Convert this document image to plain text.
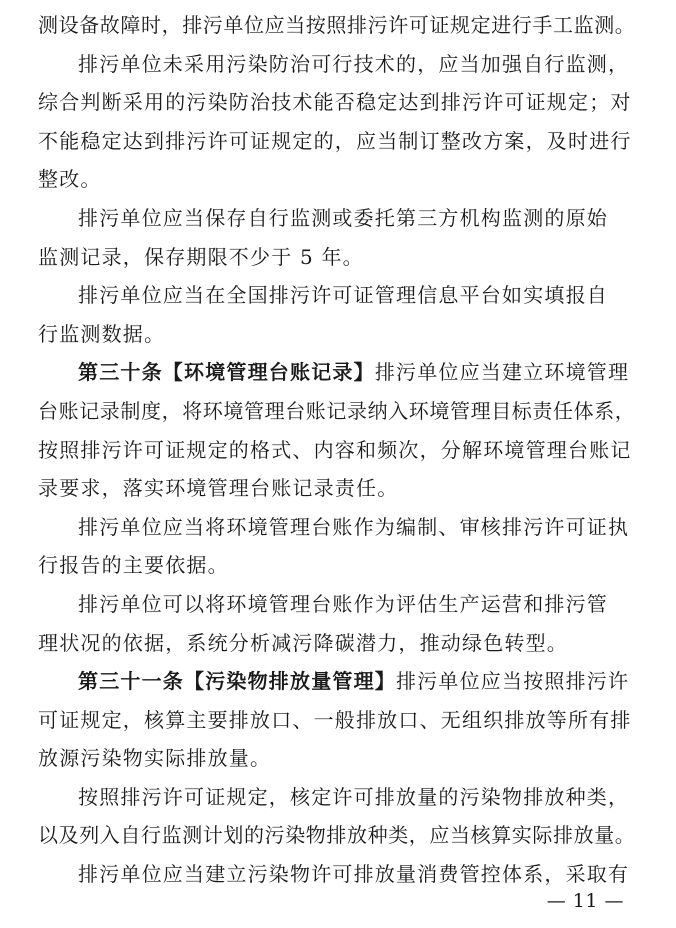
测设备故障时，排污单位应当按照排污许可证规定进行手工监测。
排污单位未采用污染防治可行技术的，应当加强自行监测，
综合判断采用的污染防治技术能否稳定达到排污许可证规定；对
不能稳定达到排污许可证规定的，应当制订整改方案，及时进行
整改。
排污单位应当保存自行监测或委托第三方机构监测的原始
监测记录，保存期限不少于 5 年。
排污单位应当在全国排污许可证管理信息平台如实填报自
行监测数据。
第三十条【环境管理台账记录】排污单位应当建立环境管理
台账记录制度，将环境管理台账记录纳入环境管理目标责任体系，
按照排污许可证规定的格式、内容和频次，分解环境管理台账记
录要求，落实环境管理台账记录责任。
排污单位应当将环境管理台账作为编制、审核排污许可证执
行报告的主要依据。
排污单位可以将环境管理台账作为评估生产运营和排污管
理状况的依据，系统分析减污降碳潜力，推动绿色转型。
第三十一条【污染物排放量管理】排污单位应当按照排污许
可证规定，核算主要排放口、一般排放口、无组织排放等所有排
放源污染物实际排放量。
按照排污许可证规定，核定许可排放量的污染物排放种类，
以及列入自行监测计划的污染物排放种类，应当核算实际排放量。
排污单位应当建立污染物许可排放量消费管控体系，采取有
— 11 —
